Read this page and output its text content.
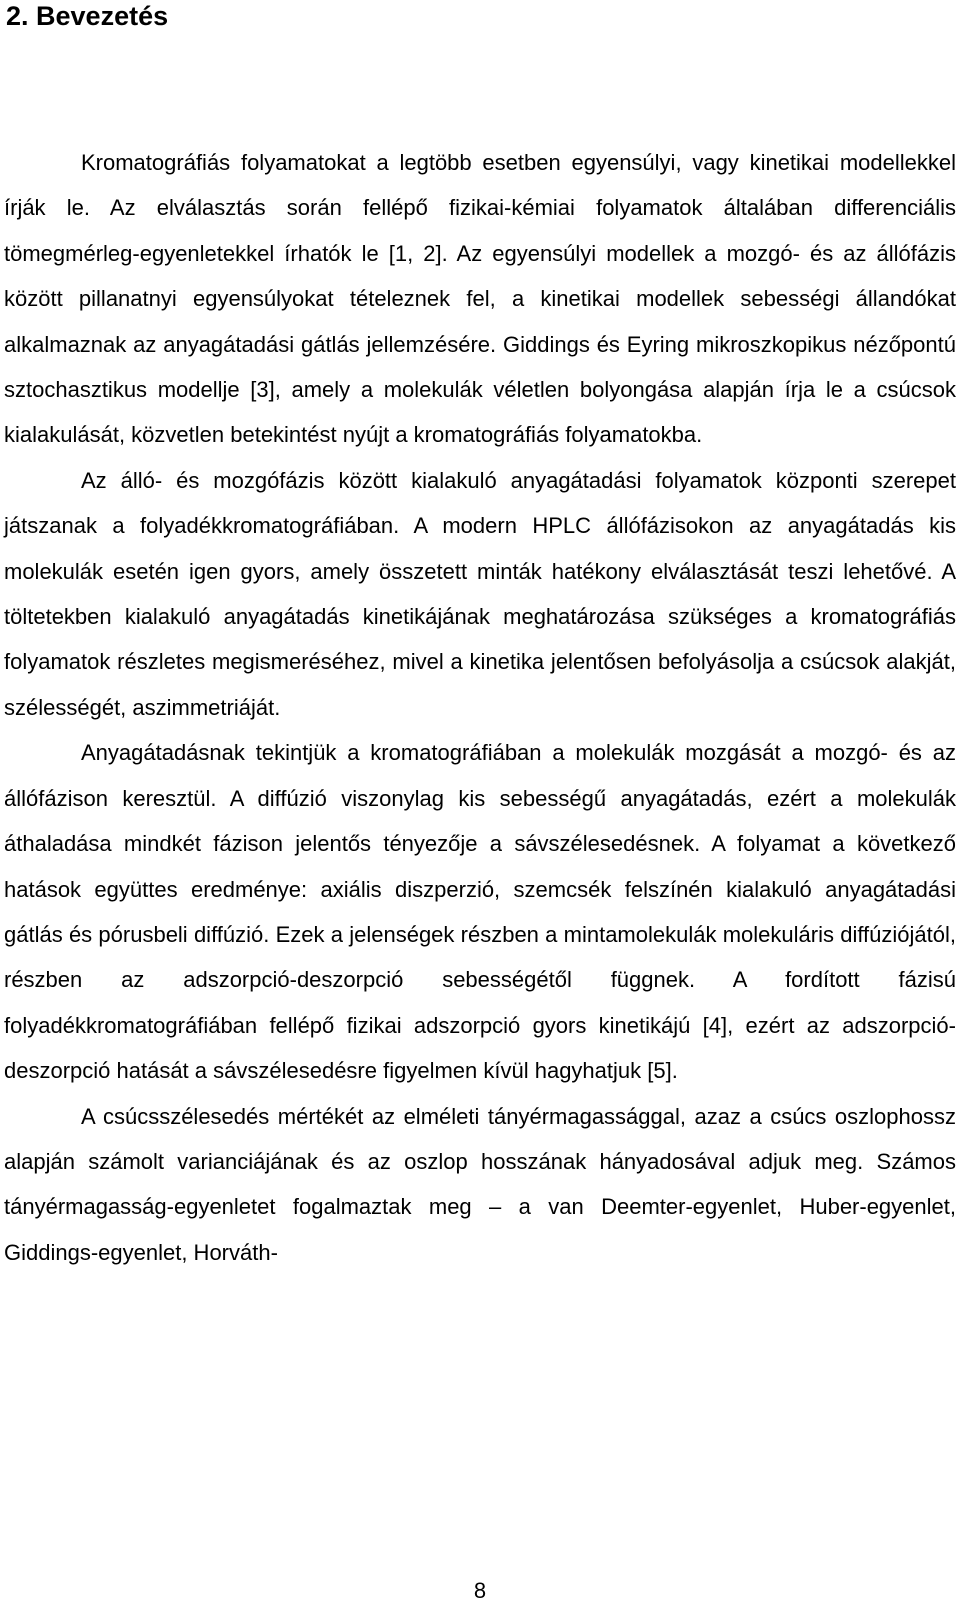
2. Bevezetés

Kromatográfiás folyamatokat a legtöbb esetben egyensúlyi, vagy kinetikai modellekkel írják le. Az elválasztás során fellépő fizikai-kémiai folyamatok általában differenciális tömegmérleg-egyenletekkel írhatók le [1, 2]. Az egyensúlyi modellek a mozgó- és az állófázis között pillanatnyi egyensúlyokat tételeznek fel, a kinetikai modellek sebességi állandókat alkalmaznak az anyagátadási gátlás jellemzésére. Giddings és Eyring mikroszkopikus nézőpontú sztochasztikus modellje [3], amely a molekulák véletlen bolyongása alapján írja le a csúcsok kialakulását, közvetlen betekintést nyújt a kromatográfiás folyamatokba.

Az álló- és mozgófázis között kialakuló anyagátadási folyamatok központi szerepet játszanak a folyadékkromatográfiában. A modern HPLC állófázisokon az anyagátadás kis molekulák esetén igen gyors, amely összetett minták hatékony elválasztását teszi lehetővé. A töltetekben kialakuló anyagátadás kinetikájának meghatározása szükséges a kromatográfiás folyamatok részletes megismeréséhez, mivel a kinetika jelentősen befolyásolja a csúcsok alakját, szélességét, aszimmetriáját.

Anyagátadásnak tekintjük a kromatográfiában a molekulák mozgását a mozgó- és az állófázison keresztül. A diffúzió viszonylag kis sebességű anyagátadás, ezért a molekulák áthaladása mindkét fázison jelentős tényezője a sávszélesedésnek. A folyamat a következő hatások együttes eredménye: axiális diszperzió, szemcsék felszínén kialakuló anyagátadási gátlás és pórusbeli diffúzió. Ezek a jelenségek részben a mintamolekulák molekuláris diffúziójától, részben az adszorpció-deszorpció sebességétől függnek. A fordított fázisú folyadékkromatográfiában fellépő fizikai adszorpció gyors kinetikájú [4], ezért az adszorpció-deszorpció hatását a sávszélesedésre figyelmen kívül hagyhatjuk [5].

A csúcsszélesedés mértékét az elméleti tányérmagassággal, azaz a csúcs oszlophossz alapján számolt varianciájának és az oszlop hosszának hányadosával adjuk meg. Számos tányérmagasság-egyenletet fogalmaztak meg – a van Deemter-egyenlet, Huber-egyenlet, Giddings-egyenlet, Horváth-

8
